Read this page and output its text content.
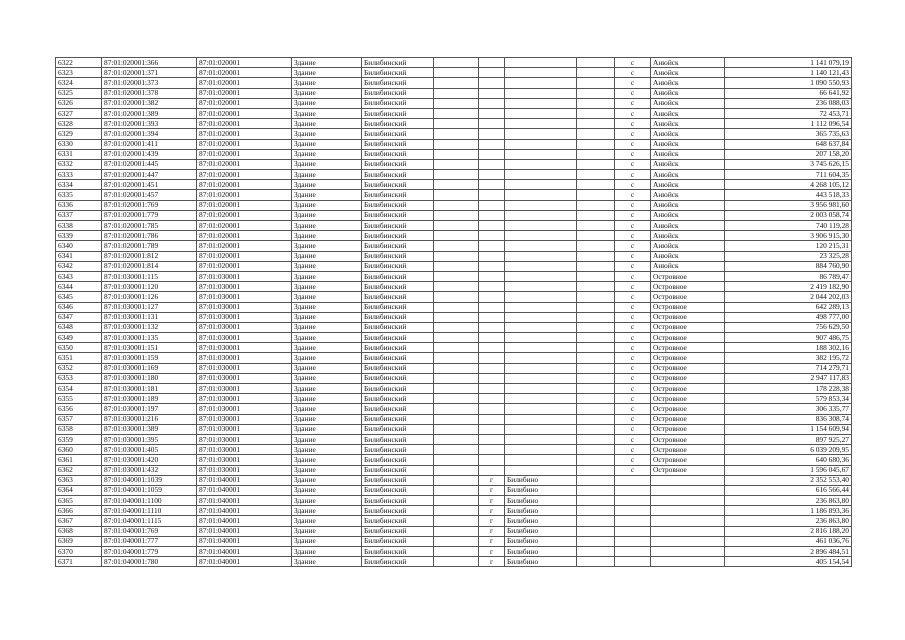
6322	87:01:020001:366	87:01:020001	Здание	Билибинский					с	Анюйск	1 141 079,19
6323	87:01:020001:371	87:01:020001	Здание	Билибинский					с	Анюйск	1 140 121,43
6324	87:01:020001:373	87:01:020001	Здание	Билибинский					с	Анюйск	1 090 550,93
6325	87:01:020001:378	87:01:020001	Здание	Билибинский					с	Анюйск	66 641,92
6326	87:01:020001:382	87:01:020001	Здание	Билибинский					с	Анюйск	236 088,03
6327	87:01:020001:389	87:01:020001	Здание	Билибинский					с	Анюйск	72 453,71
6328	87:01:020001:393	87:01:020001	Здание	Билибинский					с	Анюйск	1 112 096,54
6329	87:01:020001:394	87:01:020001	Здание	Билибинский					с	Анюйск	365 735,63
6330	87:01:020001:411	87:01:020001	Здание	Билибинский					с	Анюйск	648 637,84
6331	87:01:020001:439	87:01:020001	Здание	Билибинский					с	Анюйск	207 158,20
6332	87:01:020001:445	87:01:020001	Здание	Билибинский					с	Анюйск	3 745 626,15
6333	87:01:020001:447	87:01:020001	Здание	Билибинский					с	Анюйск	711 604,35
6334	87:01:020001:451	87:01:020001	Здание	Билибинский					с	Анюйск	4 268 105,12
6335	87:01:020001:457	87:01:020001	Здание	Билибинский					с	Анюйск	443 518,33
6336	87:01:020001:769	87:01:020001	Здание	Билибинский					с	Анюйск	3 956 981,60
6337	87:01:020001:779	87:01:020001	Здание	Билибинский					с	Анюйск	2 003 058,74
6338	87:01:020001:785	87:01:020001	Здание	Билибинский					с	Анюйск	740 119,28
6339	87:01:020001:786	87:01:020001	Здание	Билибинский					с	Анюйск	3 906 915,30
6340	87:01:020001:789	87:01:020001	Здание	Билибинский					с	Анюйск	120 215,31
6341	87:01:020001:812	87:01:020001	Здание	Билибинский					с	Анюйск	23 325,28
6342	87:01:020001:814	87:01:020001	Здание	Билибинский					с	Анюйск	884 760,90
6343	87:01:030001:115	87:01:030001	Здание	Билибинский					с	Островное	86 789,47
6344	87:01:030001:120	87:01:030001	Здание	Билибинский					с	Островное	2 419 182,90
6345	87:01:030001:126	87:01:030001	Здание	Билибинский					с	Островное	2 044 202,03
6346	87:01:030001:127	87:01:030001	Здание	Билибинский					с	Островное	642 289,13
6347	87:01:030001:131	87:01:030001	Здание	Билибинский					с	Островное	498 777,00
6348	87:01:030001:132	87:01:030001	Здание	Билибинский					с	Островное	756 629,50
6349	87:01:030001:135	87:01:030001	Здание	Билибинский					с	Островное	907 486,75
6350	87:01:030001:151	87:01:030001	Здание	Билибинский					с	Островное	188 302,16
6351	87:01:030001:159	87:01:030001	Здание	Билибинский					с	Островное	382 195,72
6352	87:01:030001:169	87:01:030001	Здание	Билибинский					с	Островное	714 279,71
6353	87:01:030001:180	87:01:030001	Здание	Билибинский					с	Островное	2 947 117,83
6354	87:01:030001:181	87:01:030001	Здание	Билибинский					с	Островное	178 228,38
6355	87:01:030001:189	87:01:030001	Здание	Билибинский					с	Островное	579 853,34
6356	87:01:030001:197	87:01:030001	Здание	Билибинский					с	Островное	306 335,77
6357	87:01:030001:216	87:01:030001	Здание	Билибинский					с	Островное	836 308,74
6358	87:01:030001:389	87:01:030001	Здание	Билибинский					с	Островное	1 154 609,94
6359	87:01:030001:395	87:01:030001	Здание	Билибинский					с	Островное	897 925,27
6360	87:01:030001:405	87:01:030001	Здание	Билибинский					с	Островное	6 039 209,95
6361	87:01:030001:420	87:01:030001	Здание	Билибинский					с	Островное	640 680,36
6362	87:01:030001:432	87:01:030001	Здание	Билибинский					с	Островное	1 596 045,67
6363	87:01:040001:1039	87:01:040001	Здание	Билибинский		г	Билибино				2 352 553,40
6364	87:01:040001:1059	87:01:040001	Здание	Билибинский		г	Билибино				616 566,44
6365	87:01:040001:1100	87:01:040001	Здание	Билибинский		г	Билибино				236 863,80
6366	87:01:040001:1110	87:01:040001	Здание	Билибинский		г	Билибино				1 186 893,36
6367	87:01:040001:1115	87:01:040001	Здание	Билибинский		г	Билибино				236 863,80
6368	87:01:040001:769	87:01:040001	Здание	Билибинский		г	Билибино				2 816 188,20
6369	87:01:040001:777	87:01:040001	Здание	Билибинский		г	Билибино				461 036,76
6370	87:01:040001:779	87:01:040001	Здание	Билибинский		г	Билибино				2 896 484,51
6371	87:01:040001:780	87:01:040001	Здание	Билибинский		г	Билибино				405 154,54
